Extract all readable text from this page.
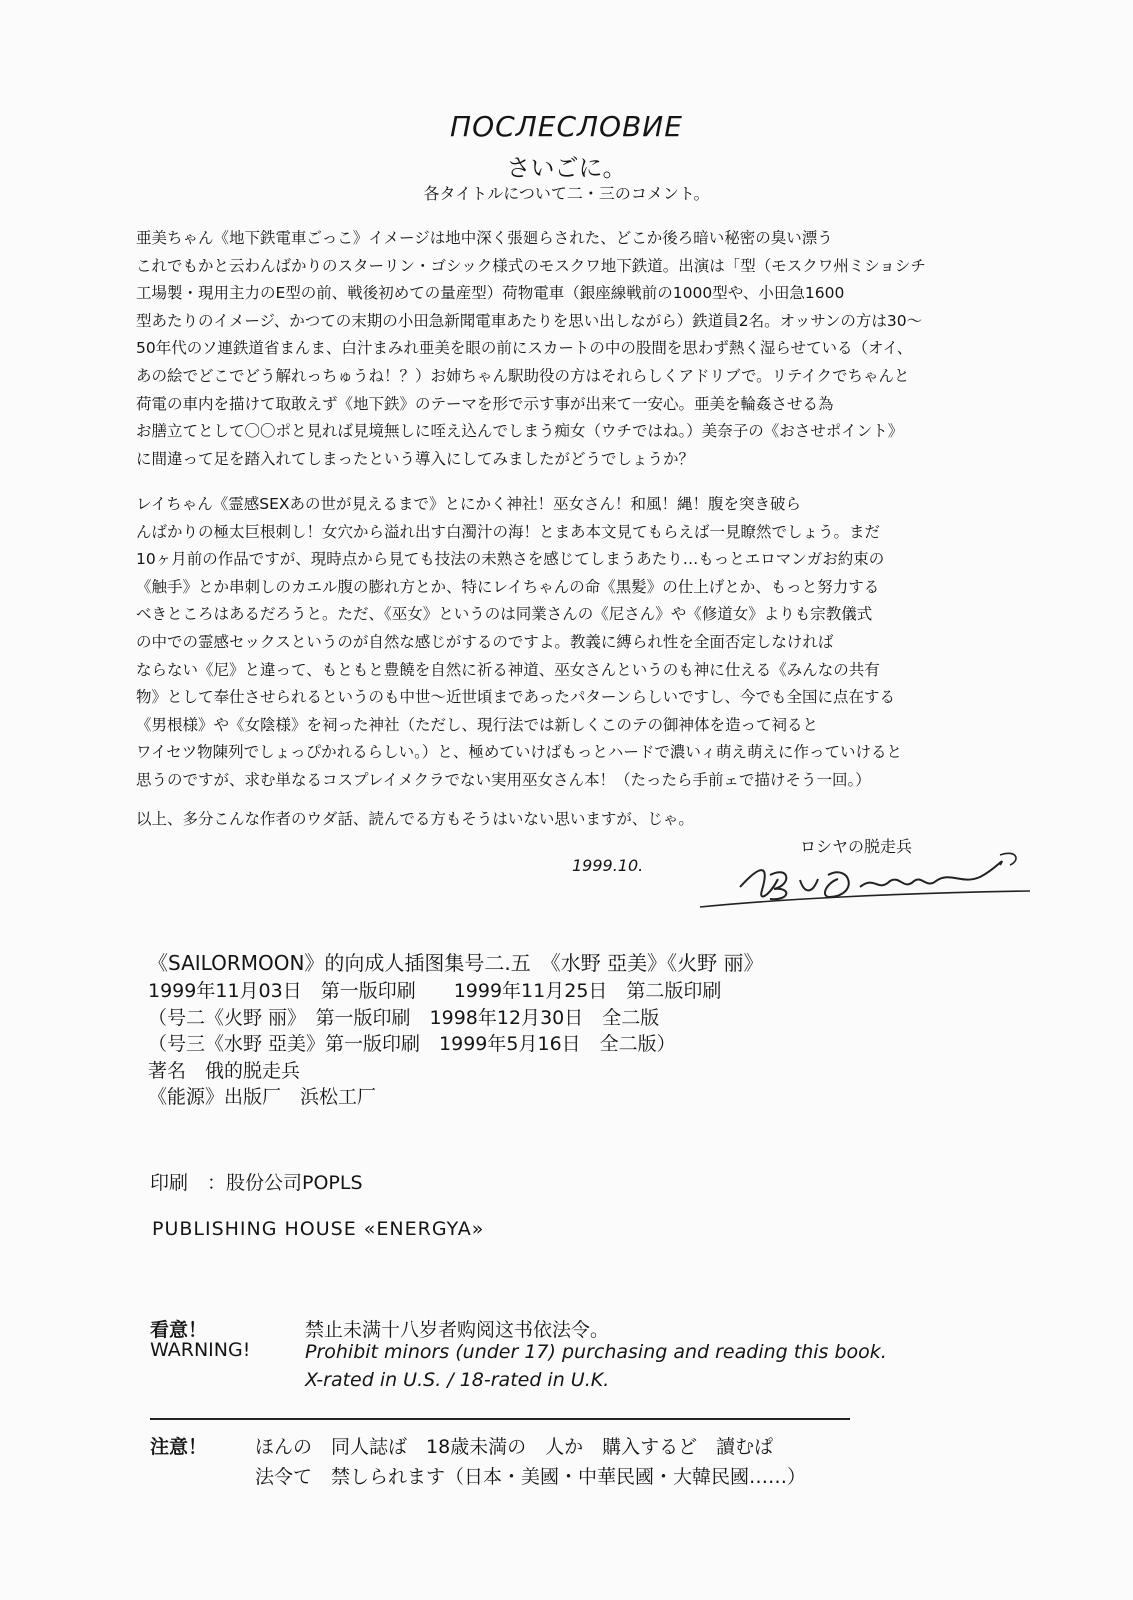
ПОСЛЕСЛОВИЕ
さいごに。
各タイトルについて二・三のコメント。
亜美ちゃん《地下鉄電車ごっこ》イメージは地中深く張廻らされた、どこか後ろ暗い秘密の臭い漂う
これでもかと云わんばかりのスターリン・ゴシック様式のモスクワ地下鉄道。出演は「型（モスクワ州ミショシチ
工場製・現用主力のE型の前、戦後初めての量産型）荷物電車（銀座線戦前の1000型や、小田急1600
型あたりのイメージ、かつての末期の小田急新聞電車あたりを思い出しながら）鉄道員2名。オッサンの方は30〜
50年代のソ連鉄道省まんま、白汁まみれ亜美を眼の前にスカートの中の股間を思わず熱く湿らせている（オイ、
あの絵でどこでどう解れっちゅうね！？）お姉ちゃん駅助役の方はそれらしくアドリブで。リテイクでちゃんと
荷電の車内を描けて取敢えず《地下鉄》のテーマを形で示す事が出来て一安心。亜美を輪姦させる為
お膳立てとして〇〇ポと見れば見境無しに咥え込んでしまう痴女（ウチではね。）美奈子の《おさせポイント》
に間違って足を踏入れてしまったという導入にしてみましたがどうでしょうか？
レイちゃん《霊感SEXあの世が見えるまで》とにかく神社！巫女さん！和風！縄！腹を突き破ら
んばかりの極太巨根刺し！女穴から溢れ出す白濁汁の海！とまあ本文見てもらえば一見瞭然でしょう。まだ
10ヶ月前の作品ですが、現時点から見ても技法の未熟さを感じてしまうあたり…もっとエロマンガお約束の
《触手》とか串刺しのカエル腹の膨れ方とか、特にレイちゃんの命《黒髪》の仕上げとか、もっと努力する
べきところはあるだろうと。ただ、《巫女》というのは同業さんの《尼さん》や《修道女》よりも宗教儀式
の中での霊感セックスというのが自然な感じがするのですよ。教義に縛られ性を全面否定しなければ
ならない《尼》と違って、もともと豊饒を自然に祈る神道、巫女さんというのも神に仕える《みんなの共有
物》として奉仕させられるというのも中世〜近世頃まであったパターンらしいですし、今でも全国に点在する
《男根様》や《女陰様》を祠った神社（ただし、現行法では新しくこのテの御神体を造って祠ると
ワイセツ物陳列でしょっぴかれるらしい。）と、極めていけばもっとハードで濃いィ萌え萌えに作っていけると
思うのですが、求む単なるコスプレイメクラでない実用巫女さん本！（たったら手前ェで描けそう一回。）
以上、多分こんな作者のウダ話、読んでる方もそうはいない思いますが、じゃ。
ロシヤの脱走兵
1999.10.
《SAILORMOON》的向成人插图集号二.五　《水野 亞美》《火野 丽》
1999年11月03日　第一版印刷　　1999年11月25日　第二版印刷
（号二《火野 丽》　第一版印刷　1998年12月30日　全二版
（号三《水野 亞美》第一版印刷　1999年5月16日　全二版）
著名　俄的脱走兵
《能源》出版厂　浜松工厂
印刷　：股份公司POPLS
PUBLISHING HOUSE «ENERGYA»
看意！
WARNING!
禁止未满十八岁者购阅这书依法令。
Prohibit minors (under 17) purchasing and reading this book.
X-rated in U.S. / 18-rated in U.K.
注意！	ほんの　同人誌ば　18歳未満の　人か　購入するど　讀むぱ
法令て　禁しられます（日本・美國・中華民國・大韓民國……）
